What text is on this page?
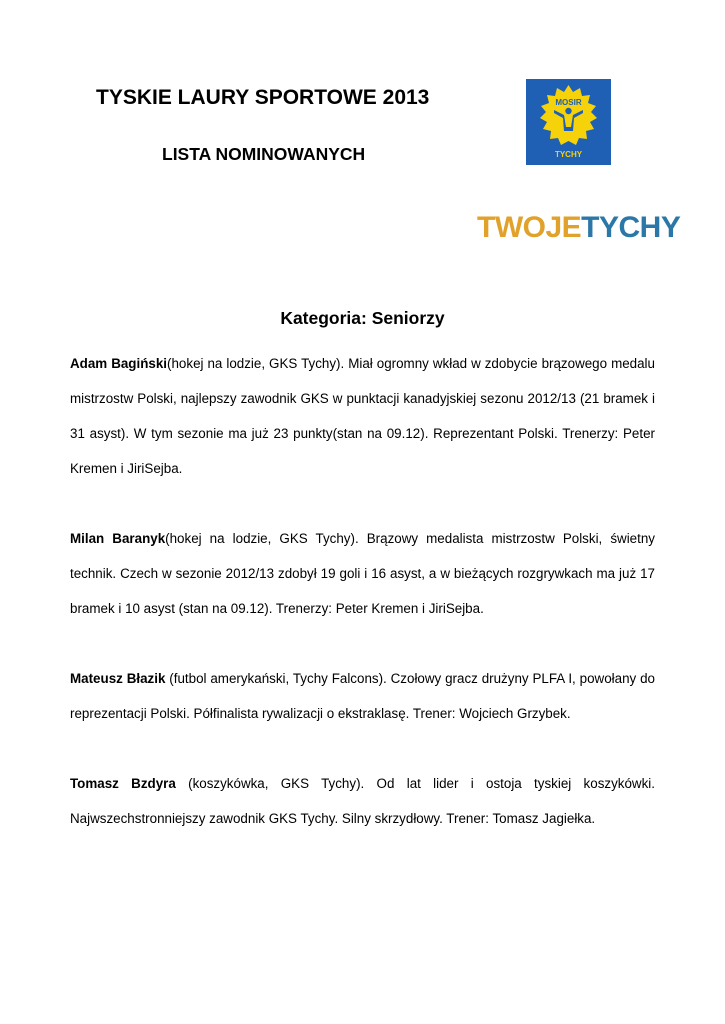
TYSKIE LAURY SPORTOWE 2013
LISTA NOMINOWANYCH
MOSIR
TYCHY
TWOJETYCHY
Kategoria: Seniorzy

Adam Bagiński(hokej na lodzie, GKS Tychy). Miał ogromny wkład w zdobycie brązowego medalu mistrzostw Polski, najlepszy zawodnik GKS w punktacji kanadyjskiej sezonu 2012/13 (21 bramek i 31 asyst). W tym sezonie ma już 23 punkty(stan na 09.12). Reprezentant Polski. Trenerzy: Peter Kremen i JiriSejba.

Milan Baranyk(hokej na lodzie, GKS Tychy). Brązowy medalista mistrzostw Polski, świetny technik. Czech w sezonie 2012/13 zdobył 19 goli i 16 asyst, a w bieżących rozgrywkach ma już 17 bramek i 10 asyst (stan na 09.12). Trenerzy: Peter Kremen i JiriSejba.

Mateusz Błazik (futbol amerykański, Tychy Falcons). Czołowy gracz drużyny PLFA I, powołany do reprezentacji Polski. Półfinalista rywalizacji o ekstraklasę. Trener: Wojciech Grzybek.

Tomasz Bzdyra (koszykówka, GKS Tychy). Od lat lider i ostoja tyskiej koszykówki. Najwszechstronniejszy zawodnik GKS Tychy. Silny skrzydłowy. Trener: Tomasz Jagiełka.
